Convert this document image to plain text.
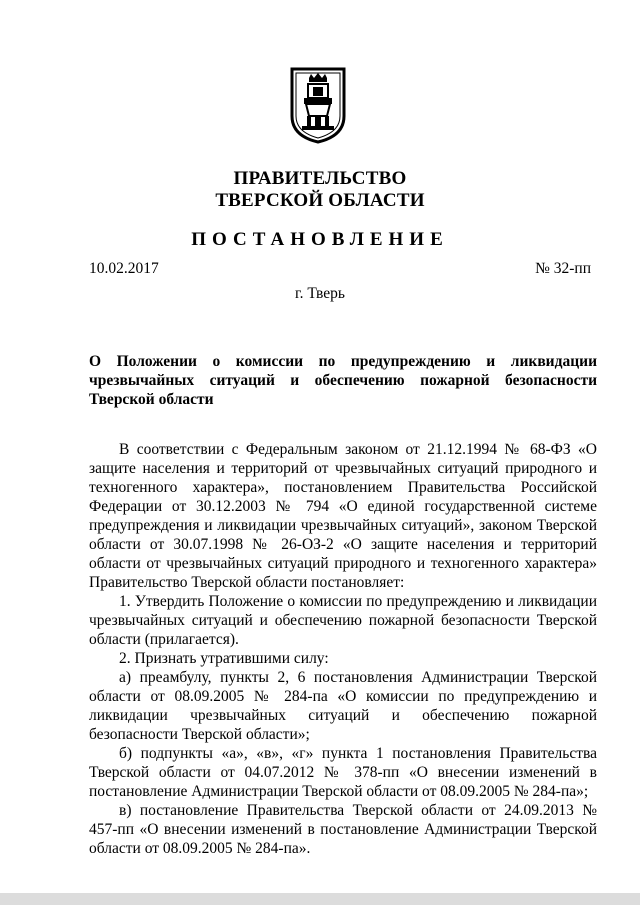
ПРАВИТЕЛЬСТВО
ТВЕРСКОЙ ОБЛАСТИ
ПОСТАНОВЛЕНИЕ
10.02.2017	№ 32-пп
г. Тверь
О Положении о комиссии по предупреждению и ликвидации чрезвычайных ситуаций и обеспечению пожарной безопасности Тверской области

В соответствии с Федеральным законом от 21.12.1994 № 68-ФЗ «О защите населения и территорий от чрезвычайных ситуаций природного и техногенного характера», постановлением Правительства Российской Федерации от 30.12.2003 № 794 «О единой государственной системе предупреждения и ликвидации чрезвычайных ситуаций», законом Тверской области от 30.07.1998 № 26-ОЗ-2 «О защите населения и территорий области от чрезвычайных ситуаций природного и техногенного характера» Правительство Тверской области постановляет:

1. Утвердить Положение о комиссии по предупреждению и ликвидации чрезвычайных ситуаций и обеспечению пожарной безопасности Тверской области (прилагается).

2. Признать утратившими силу:

а) преамбулу, пункты 2, 6 постановления Администрации Тверской области от 08.09.2005 № 284-па «О комиссии по предупреждению и ликвидации чрезвычайных ситуаций и обеспечению пожарной безопасности Тверской области»;

б) подпункты «а», «в», «г» пункта 1 постановления Правительства Тверской области от 04.07.2012 № 378-пп «О внесении изменений в постановление Администрации Тверской области от 08.09.2005 № 284-па»;

в) постановление Правительства Тверской области от 24.09.2013 № 457-пп «О внесении изменений в постановление Администрации Тверской области от 08.09.2005 № 284-па».
